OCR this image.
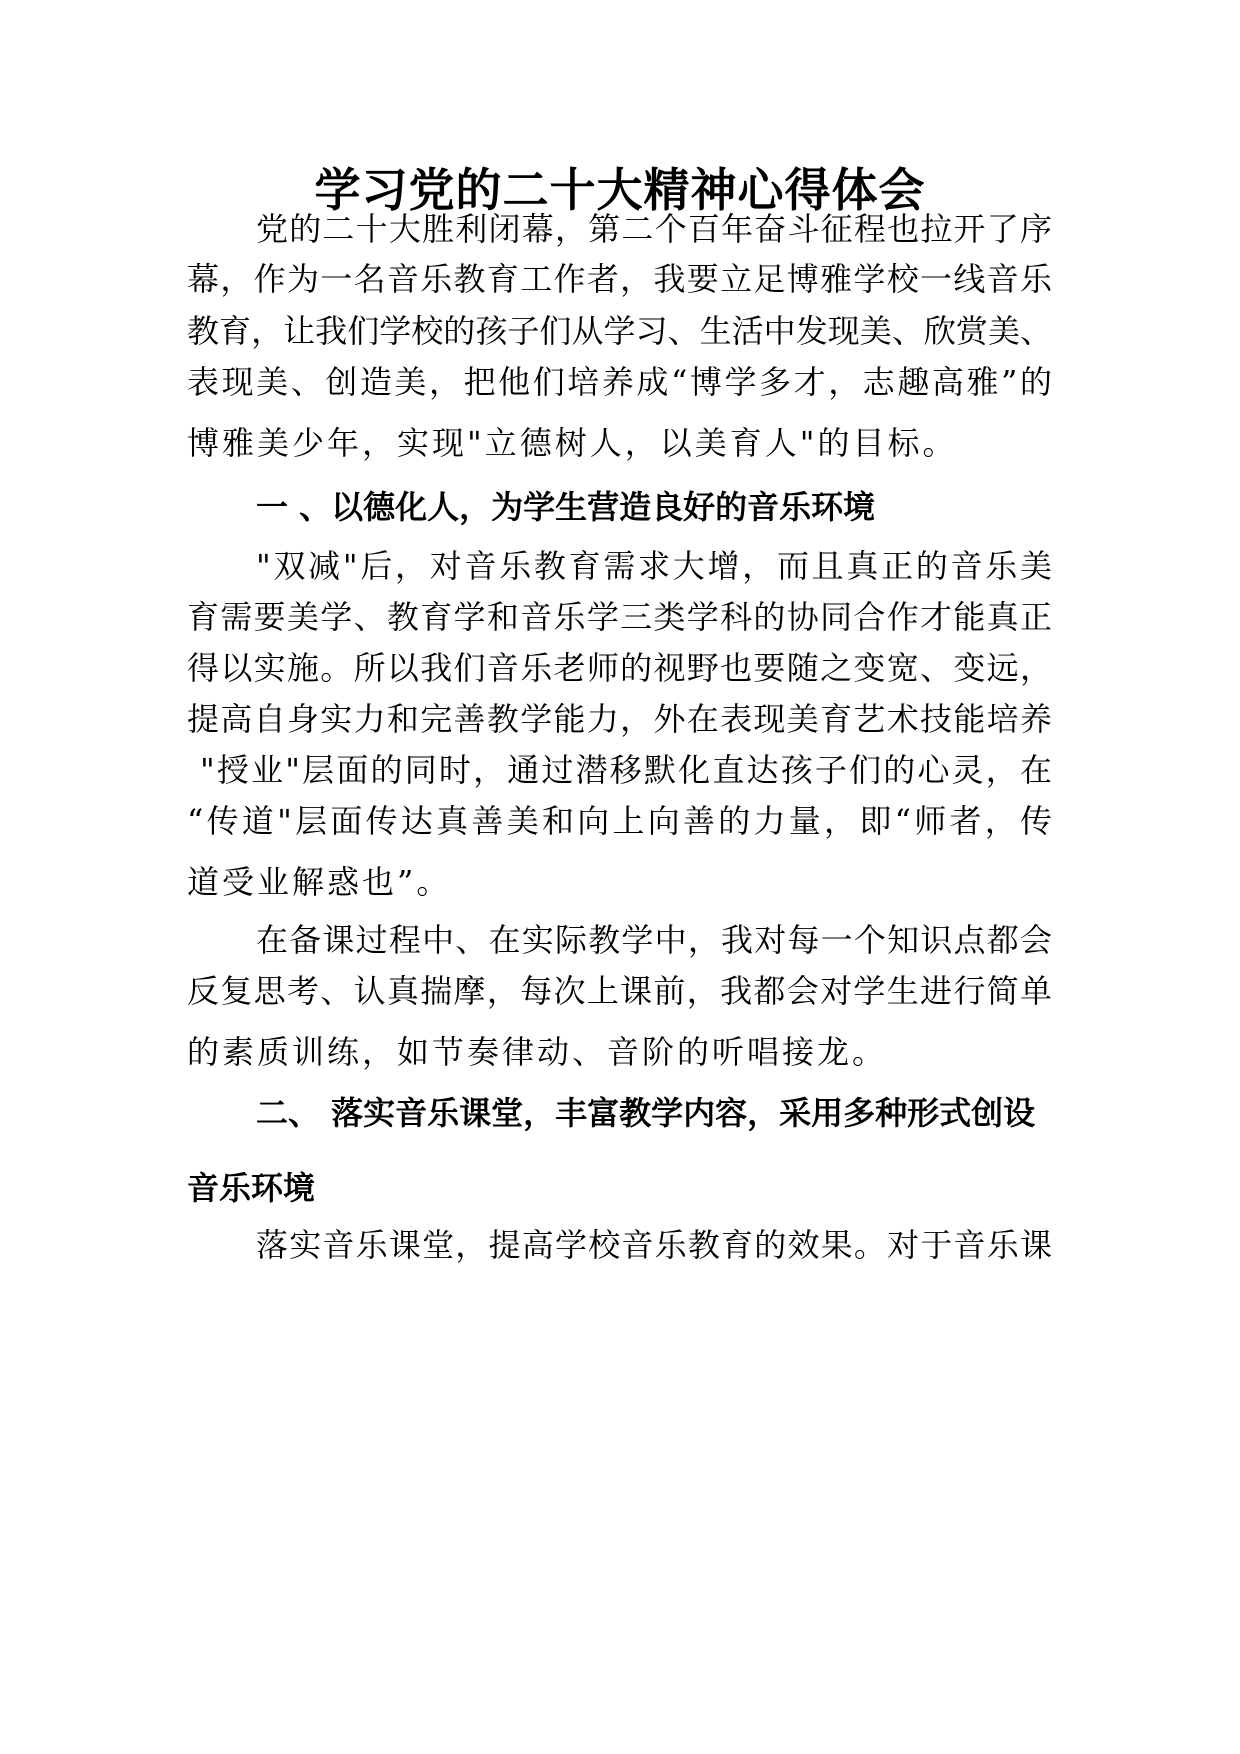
学习党的二十大精神心得体会
党的二十大胜利闭幕，第二个百年奋斗征程也拉开了序
幕，作为一名音乐教育工作者，我要立足博雅学校一线音乐
教育，让我们学校的孩子们从学习、生活中发现美、欣赏美、
表现美、创造美，把他们培养成“博学多才，志趣高雅”的
博雅美少年，实现"立德树人，以美育人"的目标。
一 、以德化人，为学生营造良好的音乐环境
"双减"后，对音乐教育需求大增，而且真正的音乐美
育需要美学、教育学和音乐学三类学科的协同合作才能真正
得以实施。所以我们音乐老师的视野也要随之变宽、变远，
提高自身实力和完善教学能力，外在表现美育艺术技能培养
"授业"层面的同时，通过潜移默化直达孩子们的心灵，在
“传道"层面传达真善美和向上向善的力量，即“师者，传
道受业解惑也”。
在备课过程中、在实际教学中，我对每一个知识点都会
反复思考、认真揣摩，每次上课前，我都会对学生进行简单
的素质训练，如节奏律动、音阶的听唱接龙。
二、 落实音乐课堂，丰富教学内容，采用多种形式创设
音乐环境
落实音乐课堂，提高学校音乐教育的效果。对于音乐课
